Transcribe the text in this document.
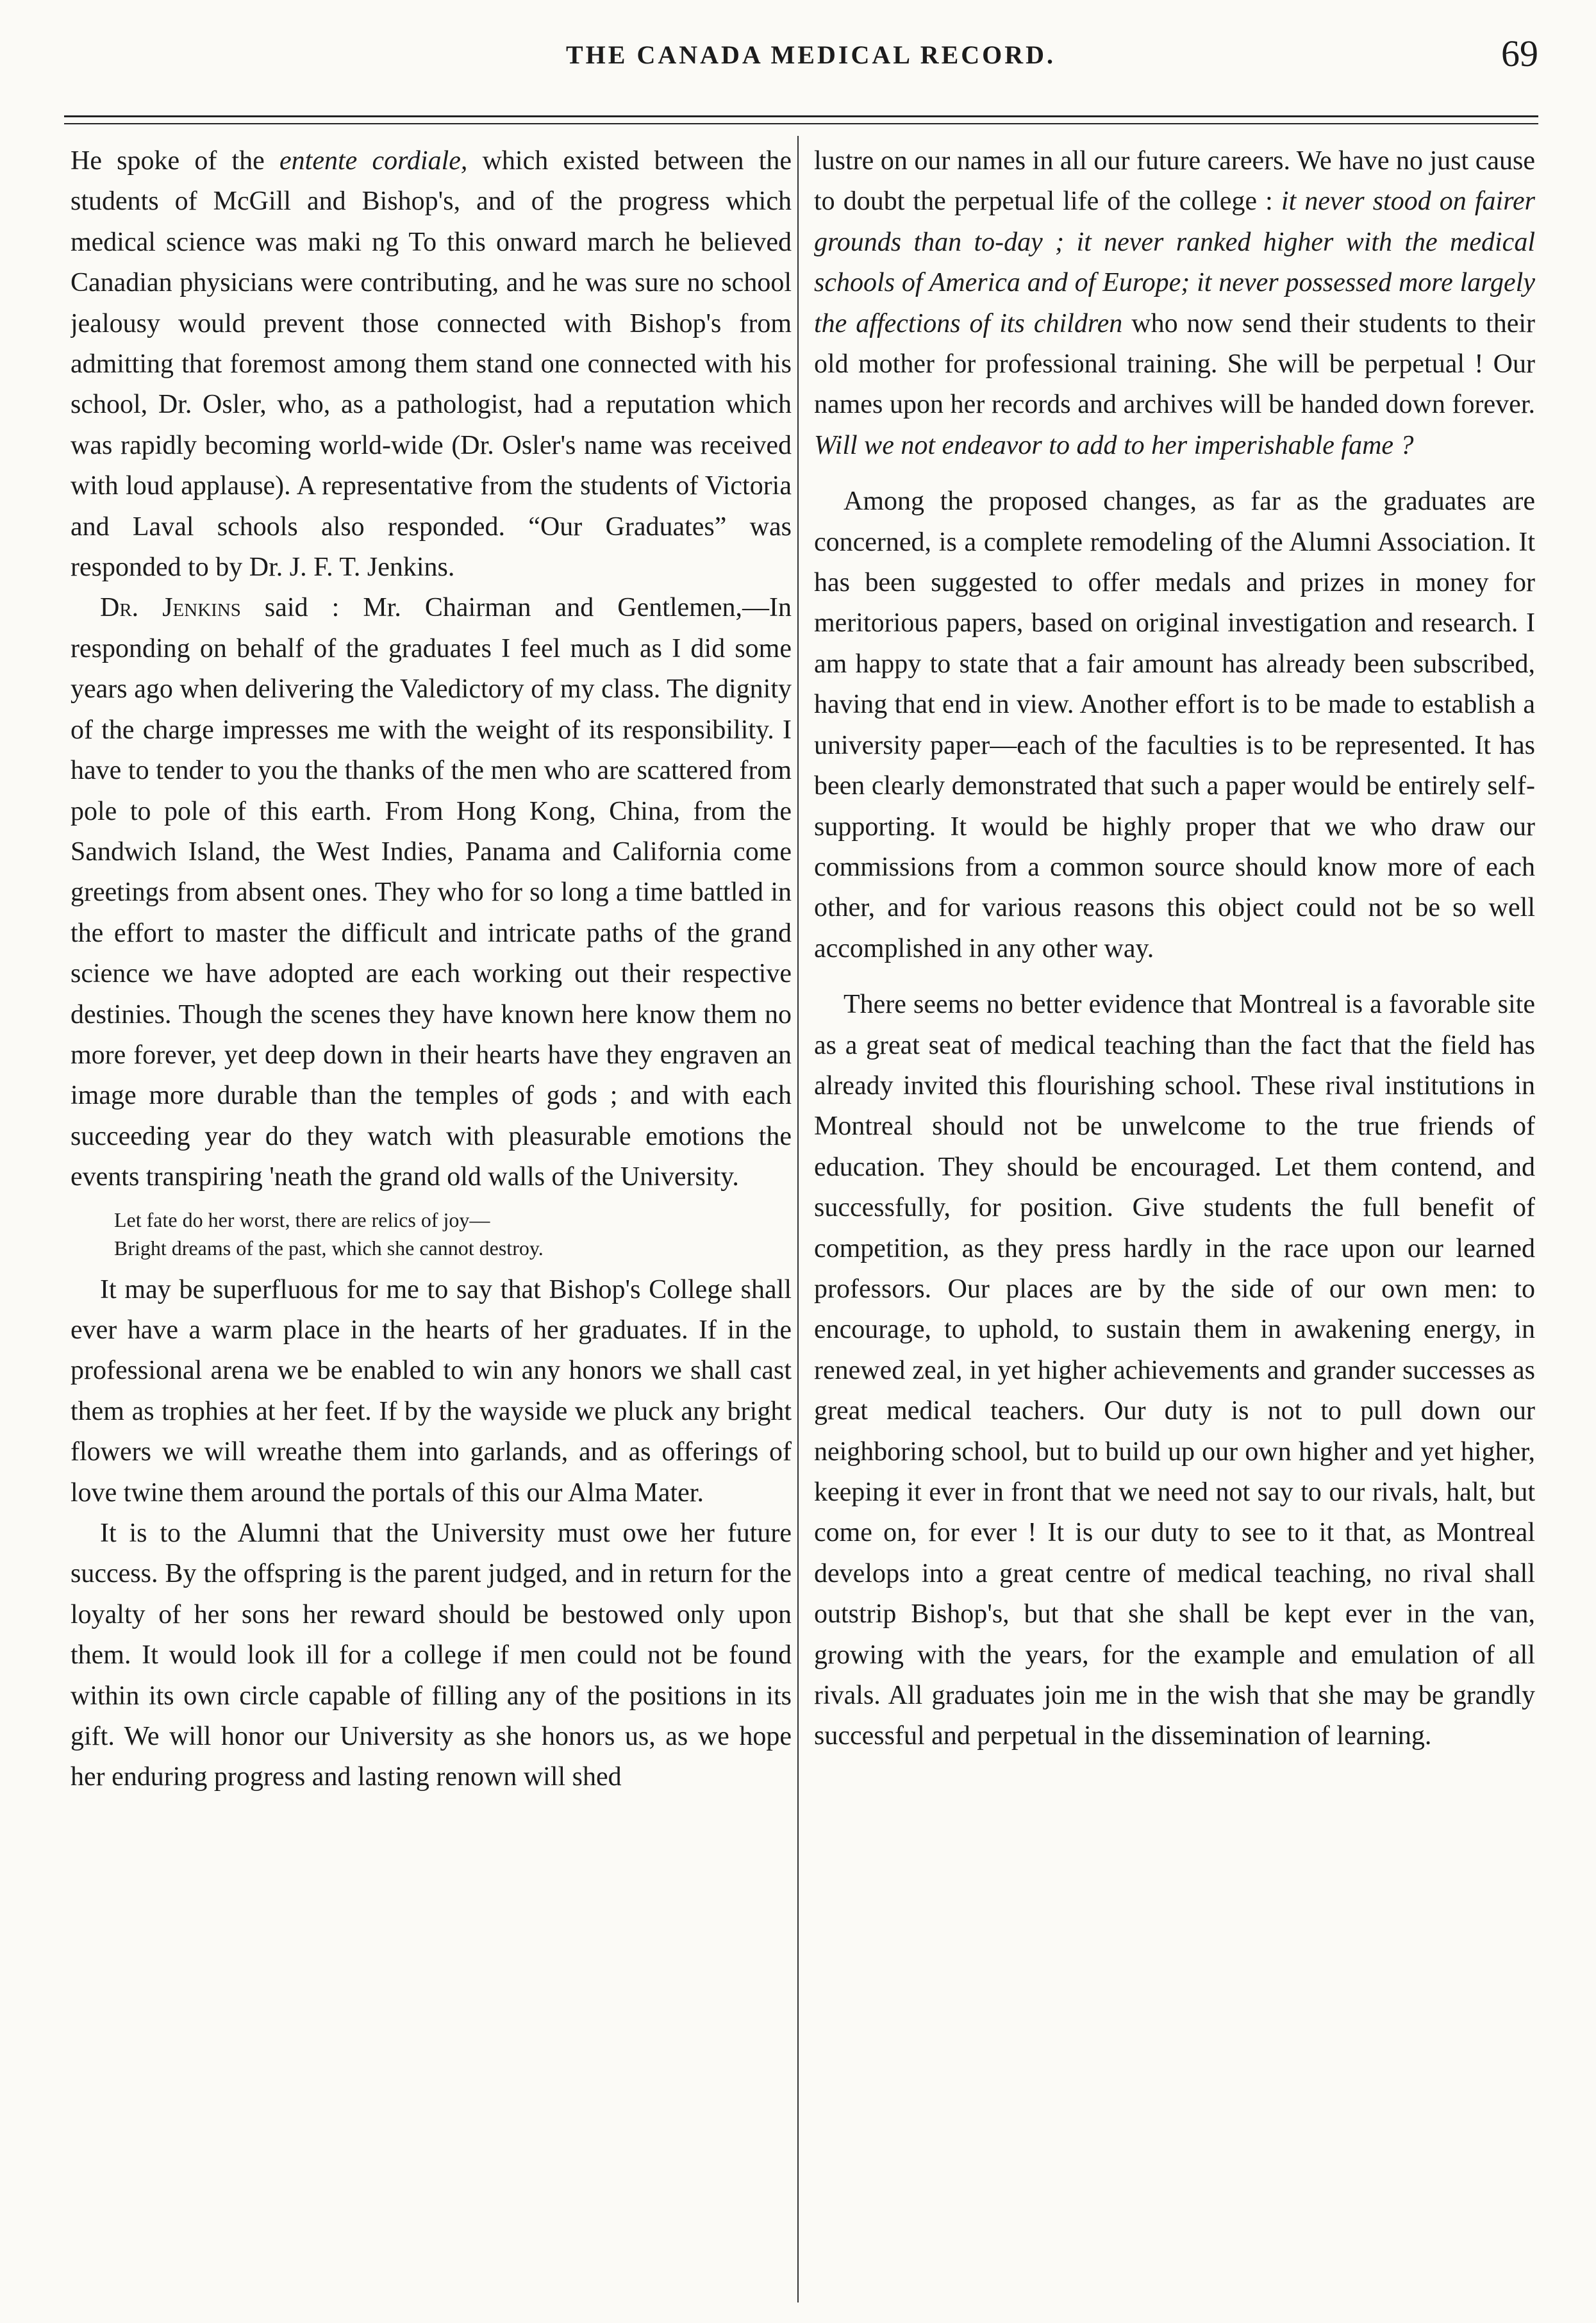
THE CANADA MEDICAL RECORD.	69

He spoke of the entente cordiale, which existed between the students of McGill and Bishop's, and of the progress which medical science was maki ng To this onward march he believed Canadian physicians were contributing, and he was sure no school jealousy would prevent those connected with Bishop's from admitting that foremost among them stand one connected with his school, Dr. Osler, who, as a pathologist, had a reputation which was rapidly becoming world-wide (Dr. Osler's name was received with loud applause). A representative from the students of Victoria and Laval schools also responded. “Our Graduates” was responded to by Dr. J. F. T. Jenkins.

Dr. Jenkins said : Mr. Chairman and Gentlemen,—In responding on behalf of the graduates I feel much as I did some years ago when delivering the Valedictory of my class. The dignity of the charge impresses me with the weight of its responsibility. I have to tender to you the thanks of the men who are scattered from pole to pole of this earth. From Hong Kong, China, from the Sandwich Island, the West Indies, Panama and California come greetings from absent ones. They who for so long a time battled in the effort to master the difficult and intricate paths of the grand science we have adopted are each working out their respective destinies. Though the scenes they have known here know them no more forever, yet deep down in their hearts have they engraven an image more durable than the temples of gods ; and with each succeeding year do they watch with pleasurable emotions the events transpiring 'neath the grand old walls of the University.

Let fate do her worst, there are relics of joy—
Bright dreams of the past, which she cannot destroy.

It may be superfluous for me to say that Bishop's College shall ever have a warm place in the hearts of her graduates. If in the professional arena we be enabled to win any honors we shall cast them as trophies at her feet. If by the wayside we pluck any bright flowers we will wreathe them into garlands, and as offerings of love twine them around the portals of this our Alma Mater.

It is to the Alumni that the University must owe her future success. By the offspring is the parent judged, and in return for the loyalty of her sons her reward should be bestowed only upon them. It would look ill for a college if men could not be found within its own circle capable of filling any of the positions in its gift. We will honor our University as she honors us, as we hope her enduring progress and lasting renown will shed

lustre on our names in all our future careers. We have no just cause to doubt the perpetual life of the college : it never stood on fairer grounds than to-day ; it never ranked higher with the medical schools of America and of Europe; it never possessed more largely the affections of its children who now send their students to their old mother for professional training. She will be perpetual ! Our names upon her records and archives will be handed down forever. Will we not endeavor to add to her imperishable fame ?

Among the proposed changes, as far as the graduates are concerned, is a complete remodeling of the Alumni Association. It has been suggested to offer medals and prizes in money for meritorious papers, based on original investigation and research. I am happy to state that a fair amount has already been subscribed, having that end in view. Another effort is to be made to establish a university paper—each of the faculties is to be represented. It has been clearly demonstrated that such a paper would be entirely self-supporting. It would be highly proper that we who draw our commissions from a common source should know more of each other, and for various reasons this object could not be so well accomplished in any other way.

There seems no better evidence that Montreal is a favorable site as a great seat of medical teaching than the fact that the field has already invited this flourishing school. These rival institutions in Montreal should not be unwelcome to the true friends of education. They should be encouraged. Let them contend, and successfully, for position. Give students the full benefit of competition, as they press hardly in the race upon our learned professors. Our places are by the side of our own men: to encourage, to uphold, to sustain them in awakening energy, in renewed zeal, in yet higher achievements and grander successes as great medical teachers. Our duty is not to pull down our neighboring school, but to build up our own higher and yet higher, keeping it ever in front that we need not say to our rivals, halt, but come on, for ever ! It is our duty to see to it that, as Montreal develops into a great centre of medical teaching, no rival shall outstrip Bishop's, but that she shall be kept ever in the van, growing with the years, for the example and emulation of all rivals. All graduates join me in the wish that she may be grandly successful and perpetual in the dissemination of learning.
